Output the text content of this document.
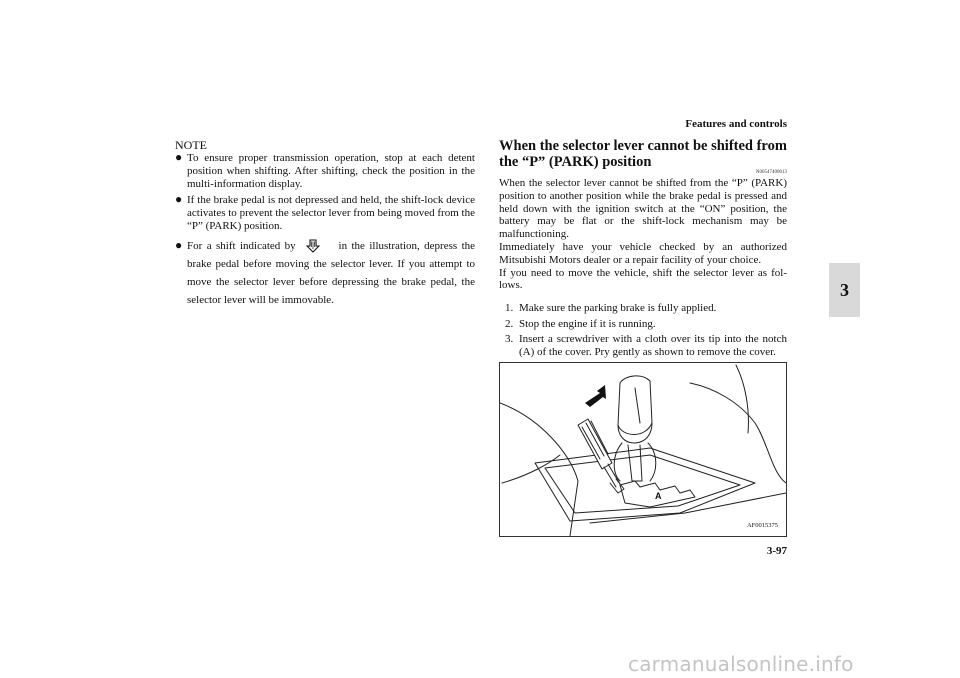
Features and controls
3
NOTE
● To ensure proper transmission operation, stop at each detent position when shifting. After shifting, check the position in the multi-information display.
● If the brake pedal is not depressed and held, the shift-lock device activates to prevent the selector lever from being moved from the “P” (PARK) position.
● For a shift indicated by	in the illustration, depress the brake pedal before moving the selector lever. If you attempt to move the selector lever before depressing the brake pedal, the selector lever will be immovable.
When the selector lever cannot be shifted from the “P” (PARK) position
N00547400013
When the selector lever cannot be shifted from the “P” (PARK) position to another position while the brake pedal is pressed and held down with the ignition switch at the “ON” position, the battery may be flat or the shift-lock mechanism may be malfunctioning.
Immediately have your vehicle checked by an authorized Mitsubishi Motors dealer or a repair facility of your choice.
If you need to move the vehicle, shift the selector lever as fol-lows.
1. Make sure the parking brake is fully applied.
2. Stop the engine if it is running.
3. Insert a screwdriver with a cloth over its tip into the notch (A) of the cover. Pry gently as shown to remove the cover.
A
AF0015375
3-97
carmanualsonline.info
